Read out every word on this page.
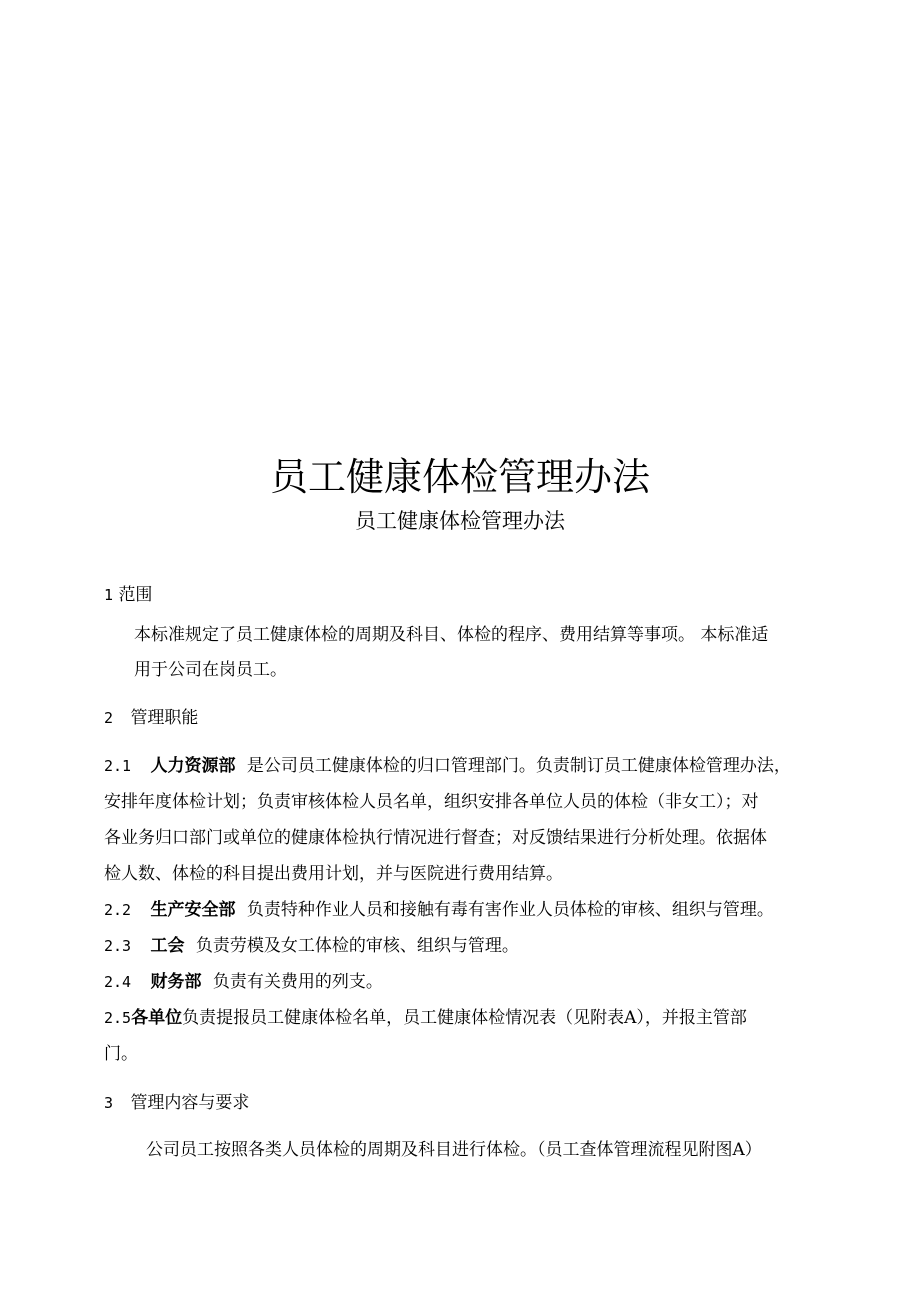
员工健康体检管理办法
员工健康体检管理办法
1 范围
本标准规定了员工健康体检的周期及科目、体检的程序、费用结算等事项。 本标准适
用于公司在岗员工。
2 管理职能
2.1 人力资源部 是公司员工健康体检的归口管理部门。负责制订员工健康体检管理办法，
安排年度体检计划；负责审核体检人员名单，组织安排各单位人员的体检（非女工）；对
各业务归口部门或单位的健康体检执行情况进行督查；对反馈结果进行分析处理。依据体
检人数、体检的科目提出费用计划，并与医院进行费用结算。
2.2 生产安全部 负责特种作业人员和接触有毒有害作业人员体检的审核、组织与管理。
2.3 工会 负责劳模及女工体检的审核、组织与管理。
2.4 财务部 负责有关费用的列支。
2.5各单位负责提报员工健康体检名单，员工健康体检情况表（见附表A），并报主管部
门。
3 管理内容与要求
公司员工按照各类人员体检的周期及科目进行体检。（员工查体管理流程见附图A）
